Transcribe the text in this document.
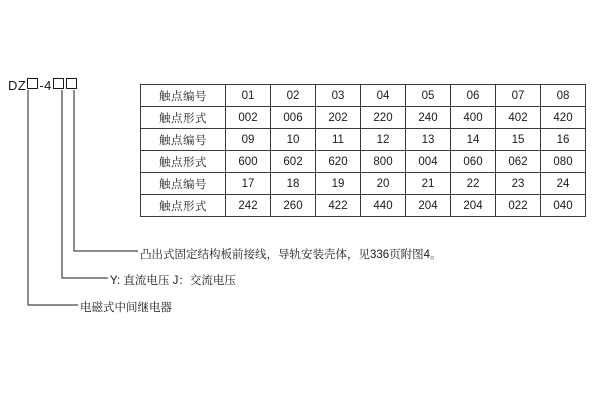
DZ -4
触点编号	01	02	03	04	05	06	07	08
触点形式	002	006	202	220	240	400	402	420
触点编号	09	10	11	12	13	14	15	16
触点形式	600	602	620	800	004	060	062	080
触点编号	17	18	19	20	21	22	23	24
触点形式	242	260	422	440	204	204	022	040
凸出式固定结构板前接线，导轨安装壳体，见336页附图4。
Y: 直流电压 J：交流电压
电磁式中间继电器
